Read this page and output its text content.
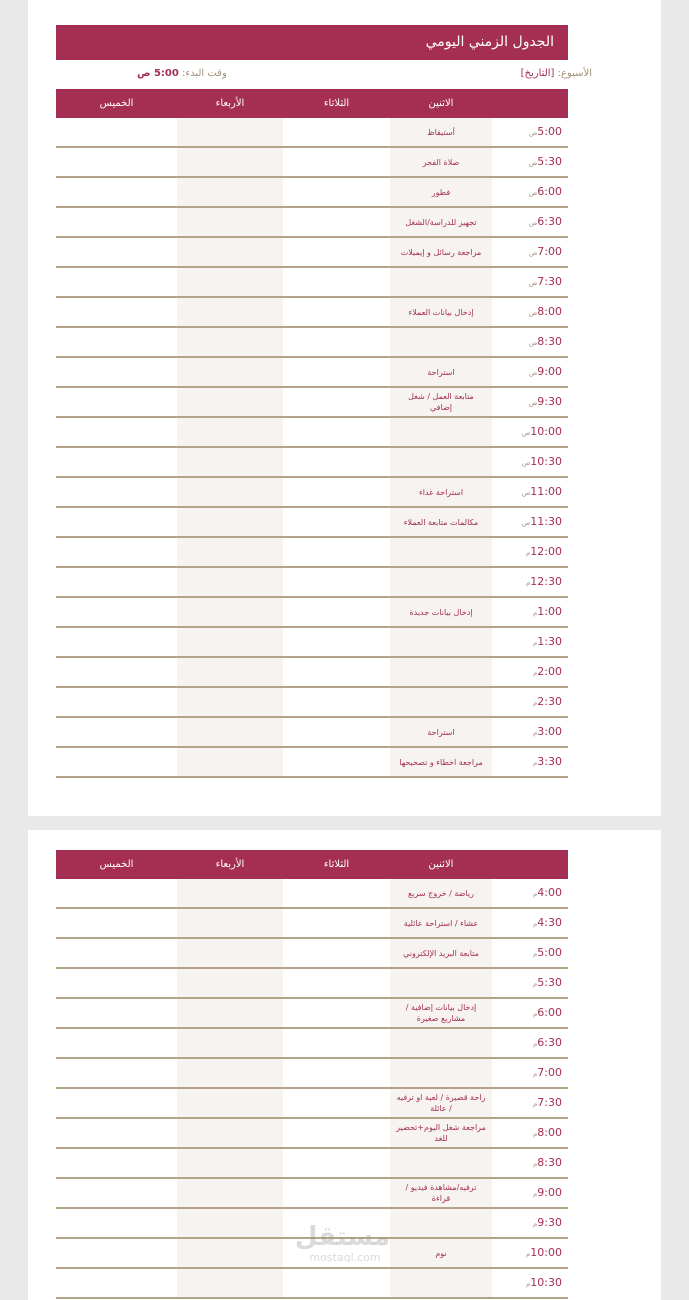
الجدول الزمني اليومي
الأسبوع: [التاريخ]
وقت البدء: 5:00 ص
	الاثنين	الثلاثاء	الأربعاء	الخميس
5:00ص	أستيقاظ			
5:30ص	صلاة الفجر			
6:00ص	فطور			
6:30ص	تجهيز للدراسة/الشغل			
7:00ص	مراجعة رسائل و إيميلات			
7:30ص				
8:00ص	إدخال بيانات العملاء			
8:30ص				
9:00ص	استراحة			
9:30ص	متابعة العمل / شغل إضافي			
10:00ص				
10:30ص				
11:00ص	استراحة غداء			
11:30ص	مكالمات متابعة العملاء			
12:00م				
12:30م				
1:00م	إدخال بيانات جديدة			
1:30م				
2:00م				
2:30م				
3:00م	استراحة			
3:30م	مراجعة اخطاء و تصحيحها			
	الاثنين	الثلاثاء	الأربعاء	الخميس
4:00م	رياضة / خروج سريع			
4:30م	عشاء / استراحة عائلية			
5:00م	متابعة البريد الإلكتروني			
5:30م				
6:00م	إدخال بيانات إضافية / مشاريع صغيرة			
6:30م				
7:00م				
7:30م	راحة قصيرة / لعبة او ترفيه / عائلة			
8:00م	مراجعة شغل اليوم+تحضير للغد			
8:30م				
9:00م	ترفيه/مشاهدة فيديو / قراءة			
9:30م				
10:00م	نوم			
10:30م				
مستقل
mostaql.com
